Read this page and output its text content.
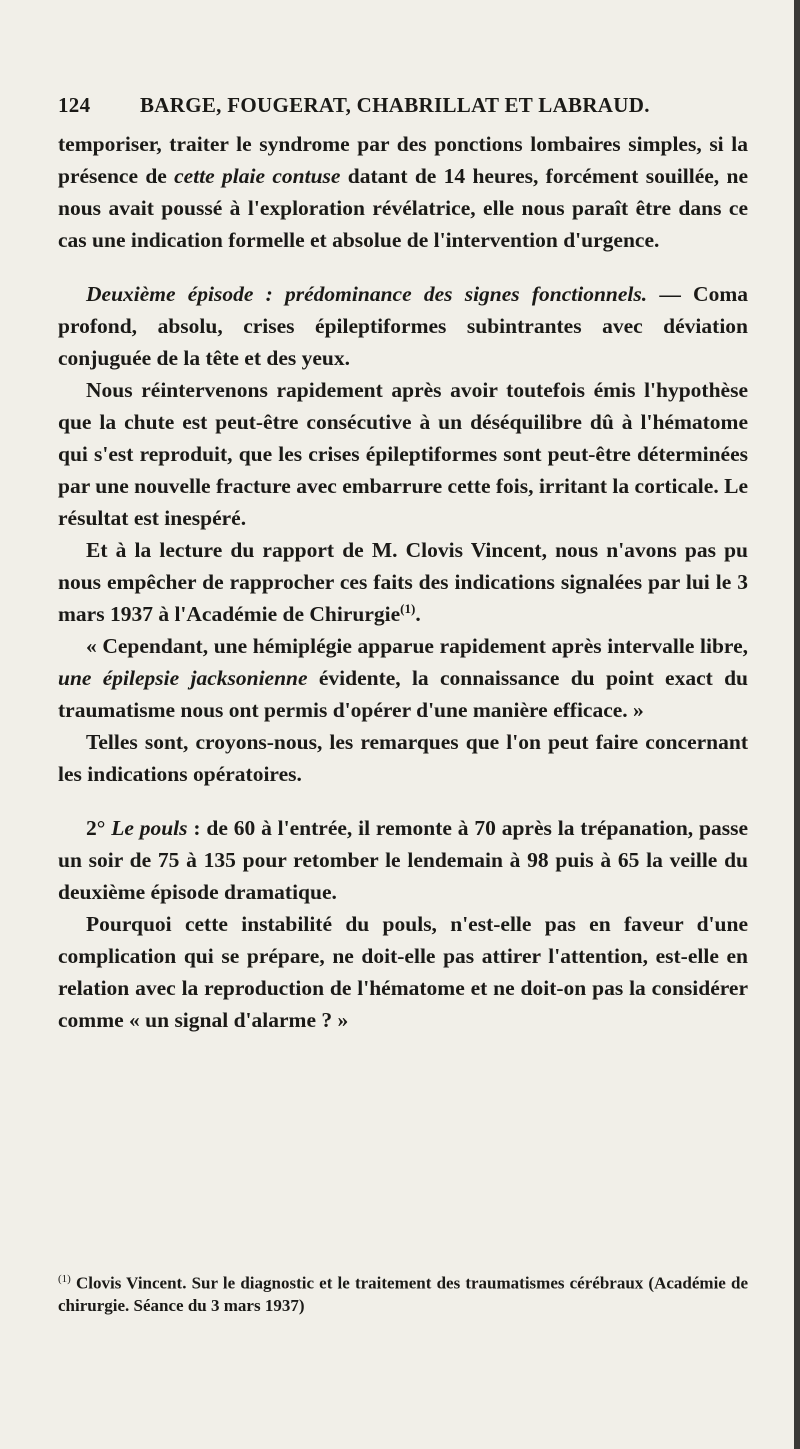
124 BARGE, FOUGERAT, CHABRILLAT ET LABRAUD.

temporiser, traiter le syndrome par des ponctions lombaires simples, si la présence de cette plaie contuse datant de 14 heures, forcément souillée, ne nous avait poussé à l'exploration révélatrice, elle nous paraît être dans ce cas une indication formelle et absolue de l'intervention d'urgence.

Deuxième épisode : prédominance des signes fonctionnels. — Coma profond, absolu, crises épileptiformes subintrantes avec déviation conjuguée de la tête et des yeux.

Nous réintervenons rapidement après avoir toutefois émis l'hypothèse que la chute est peut-être consécutive à un déséquilibre dû à l'hématome qui s'est reproduit, que les crises épileptiformes sont peut-être déterminées par une nouvelle fracture avec embarrure cette fois, irritant la corticale. Le résultat est inespéré.

Et à la lecture du rapport de M. Clovis Vincent, nous n'avons pas pu nous empêcher de rapprocher ces faits des indications signalées par lui le 3 mars 1937 à l'Académie de Chirurgie$^{(1)}$.

« Cependant, une hémiplégie apparue rapidement après intervalle libre, une épilepsie jacksonienne évidente, la connaissance du point exact du traumatisme nous ont permis d'opérer d'une manière efficace. »

Telles sont, croyons-nous, les remarques que l'on peut faire concernant les indications opératoires.

2° Le pouls : de 60 à l'entrée, il remonte à 70 après la trépanation, passe un soir de 75 à 135 pour retomber le lendemain à 98 puis à 65 la veille du deuxième épisode dramatique.

Pourquoi cette instabilité du pouls, n'est-elle pas en faveur d'une complication qui se prépare, ne doit-elle pas attirer l'attention, est-elle en relation avec la reproduction de l'hématome et ne doit-on pas la considérer comme « un signal d'alarme ? »

$^{(1)}$ Clovis Vincent. Sur le diagnostic et le traitement des traumatismes cérébraux (Académie de chirurgie. Séance du 3 mars 1937)
